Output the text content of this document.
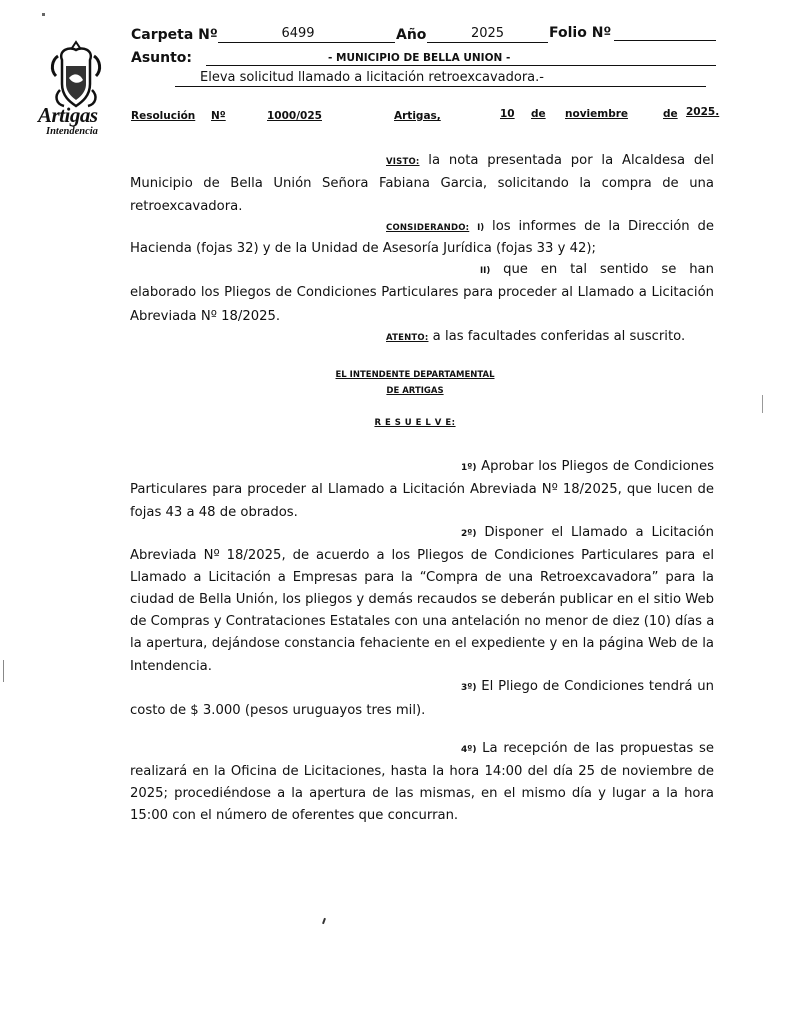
Artigas
Intendencia
Carpeta Nº	6499	Año	2025	Folio Nº
Asunto:	- MUNICIPIO DE BELLA UNION -
Eleva solicitud llamado a licitación retroexcavadora.-
Resolución Nº	1000/025	Artigas,	10 de noviembre	de 2025.
VISTO: la nota presentada por la Alcaldesa del
Municipio de Bella Unión Señora Fabiana Garcia, solicitando la compra de una
retroexcavadora.
CONSIDERANDO: I) los informes de la Dirección de
Hacienda (fojas 32) y de la Unidad de Asesoría Jurídica (fojas 33 y 42);
II) que en tal sentido se han
elaborado los Pliegos de Condiciones Particulares para proceder al Llamado a Licitación
Abreviada Nº 18/2025.
ATENTO: a las facultades conferidas al suscrito.
EL INTENDENTE DEPARTAMENTAL
DE ARTIGAS
R E S U E L V E:
1º) Aprobar los Pliegos de Condiciones
Particulares para proceder al Llamado a Licitación Abreviada Nº 18/2025, que lucen de
fojas 43 a 48 de obrados.
2º) Disponer el Llamado a Licitación
Abreviada Nº 18/2025, de acuerdo a los Pliegos de Condiciones Particulares para el
Llamado a Licitación a Empresas para la “Compra de una Retroexcavadora” para la
ciudad de Bella Unión, los pliegos y demás recaudos se deberán publicar en el sitio Web
de Compras y Contrataciones Estatales con una antelación no menor de diez (10) días a
la apertura, dejándose constancia fehaciente en el expediente y en la página Web de la
Intendencia.
3º) El Pliego de Condiciones tendrá un
costo de $ 3.000 (pesos uruguayos tres mil).
4º) La recepción de las propuestas se
realizará en la Oficina de Licitaciones, hasta la hora 14:00 del día 25 de noviembre de
2025; procediéndose a la apertura de las mismas, en el mismo día y lugar a la hora
15:00 con el número de oferentes que concurran.
